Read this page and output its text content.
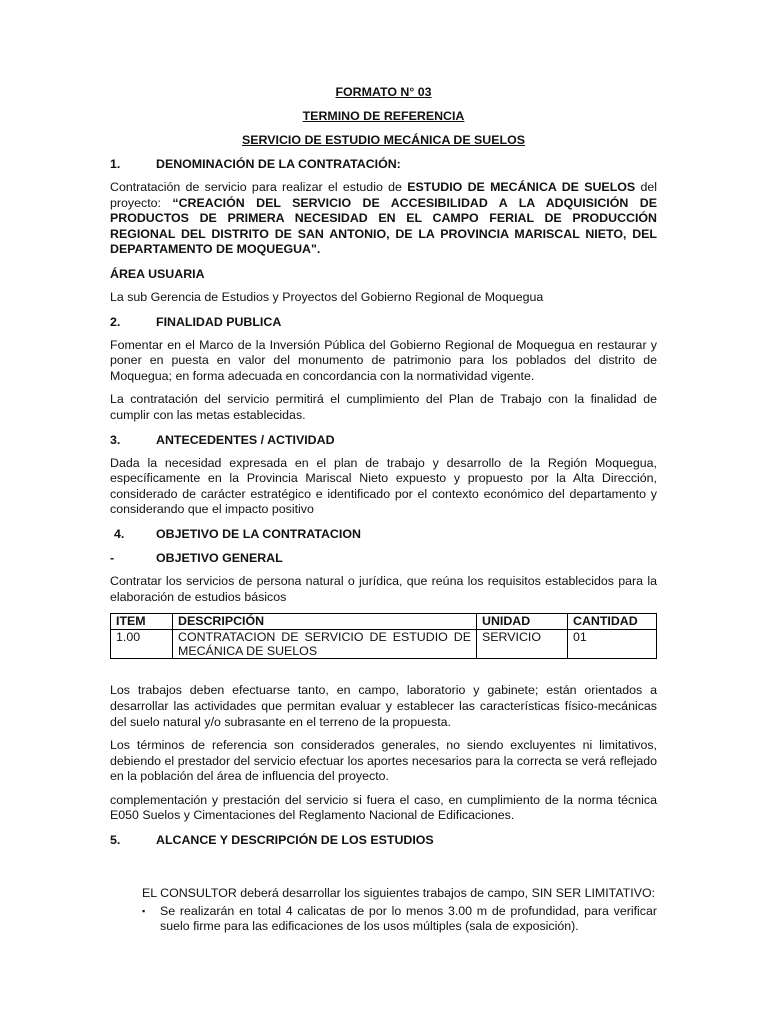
FORMATO N° 03
TERMINO DE REFERENCIA
SERVICIO DE ESTUDIO MECÁNICA DE SUELOS
1.	DENOMINACIÓN DE LA CONTRATACIÓN:

Contratación de servicio para realizar el estudio de ESTUDIO DE MECÁNICA DE SUELOS del proyecto: “CREACIÓN DEL SERVICIO DE ACCESIBILIDAD A LA ADQUISICIÓN DE PRODUCTOS DE PRIMERA NECESIDAD EN EL CAMPO FERIAL DE PRODUCCIÓN REGIONAL DEL DISTRITO DE SAN ANTONIO, DE LA PROVINCIA MARISCAL NIETO, DEL DEPARTAMENTO DE MOQUEGUA".

ÁREA USUARIA

La sub Gerencia de Estudios y Proyectos del Gobierno Regional de Moquegua

2.	FINALIDAD PUBLICA

Fomentar en el Marco de la Inversión Pública del Gobierno Regional de Moquegua en restaurar y poner en puesta en valor del monumento de patrimonio para los poblados del distrito de Moquegua; en forma adecuada en concordancia con la normatividad vigente.

La contratación del servicio permitirá el cumplimiento del Plan de Trabajo con la finalidad de cumplir con las metas establecidas.

3.	ANTECEDENTES / ACTIVIDAD

Dada la necesidad expresada en el plan de trabajo y desarrollo de la Región Moquegua, específicamente en la Provincia Mariscal Nieto expuesto y propuesto por la Alta Dirección, considerado de carácter estratégico e identificado por el contexto económico del departamento y considerando que el impacto positivo

4.	OBJETIVO DE LA CONTRATACION
-	OBJETIVO GENERAL

Contratar los servicios de persona natural o jurídica, que reúna los requisitos establecidos para la elaboración de estudios básicos

ITEM	DESCRIPCIÓN	UNIDAD	CANTIDAD
1.00	CONTRATACION DE SERVICIO DE ESTUDIO DE MECÁNICA DE SUELOS	SERVICIO	01

Los trabajos deben efectuarse tanto, en campo, laboratorio y gabinete; están orientados a desarrollar las actividades que permitan evaluar y establecer las características físico-mecánicas del suelo natural y/o subrasante en el terreno de la propuesta.

Los términos de referencia son considerados generales, no siendo excluyentes ni limitativos, debiendo el prestador del servicio efectuar los aportes necesarios para la correcta se verá reflejado en la población del área de influencia del proyecto.

complementación y prestación del servicio si fuera el caso, en cumplimiento de la norma técnica E050 Suelos y Cimentaciones del Reglamento Nacional de Edificaciones.

5.	ALCANCE Y DESCRIPCIÓN DE LOS ESTUDIOS
EL CONSULTOR deberá desarrollar los siguientes trabajos de campo, SIN SER LIMITATIVO:
▪	Se realizarán en total 4 calicatas de por lo menos 3.00 m de profundidad, para verificar suelo firme para las edificaciones de los usos múltiples (sala de exposición).
